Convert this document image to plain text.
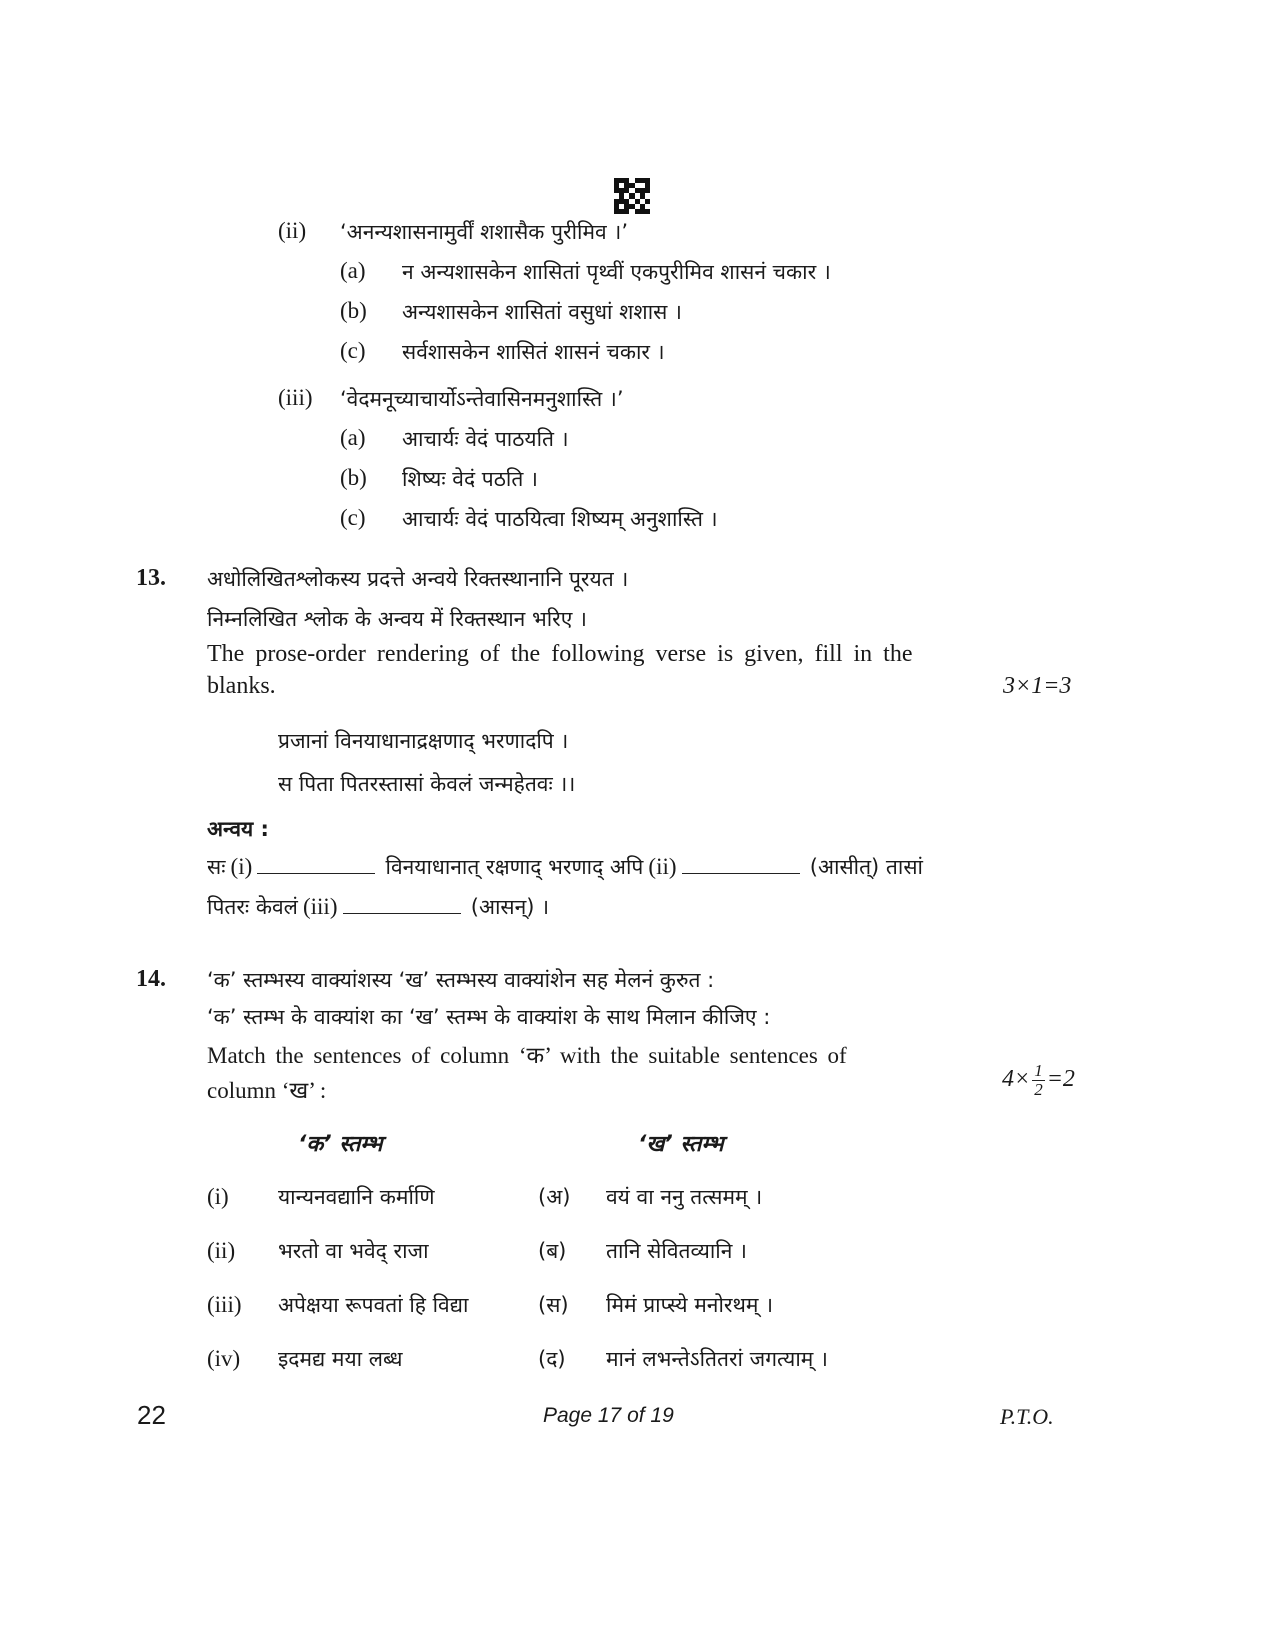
(ii) ‘अनन्यशासनामुर्वीं शशासैक पुरीमिव ।’
(a) न अन्यशासकेन शासितां पृथ्वीं एकपुरीमिव शासनं चकार ।
(b) अन्यशासकेन शासितां वसुधां शशास ।
(c) सर्वशासकेन शासितं शासनं चकार ।
(iii) ‘वेदमनूच्याचार्योऽन्तेवासिनमनुशास्ति ।’
(a) आचार्यः वेदं पाठयति ।
(b) शिष्यः वेदं पठति ।
(c) आचार्यः वेदं पाठयित्वा शिष्यम् अनुशास्ति ।
13. अधोलिखितश्लोकस्य प्रदत्ते अन्वये रिक्तस्थानानि पूरयत ।
निम्नलिखित श्लोक के अन्वय में रिक्तस्थान भरिए ।
The prose-order rendering of the following verse is given, fill in the
blanks.	3×1=3
प्रजानां विनयाधानाद्रक्षणाद् भरणादपि ।
स पिता पितरस्तासां केवलं जन्महेतवः ।।
अन्वय :
सः (i)	विनयाधानात् रक्षणाद् भरणाद् अपि (ii)	(आसीत्) तासां
पितरः केवलं (iii)	(आसन्) ।
14. ‘क’ स्तम्भस्य वाक्यांशस्य ‘ख’ स्तम्भस्य वाक्यांशेन सह मेलनं कुरुत :
‘क’ स्तम्भ के वाक्यांश का ‘ख’ स्तम्भ के वाक्यांश के साथ मिलान कीजिए :
Match the sentences of column ‘क’ with the suitable sentences of
column ‘ख’ :	$4\times \frac{1}{2} =2$
‘क’ स्तम्भ	‘ख’ स्तम्भ
(i) यान्यनवद्यानि कर्माणि	(अ) वयं वा ननु तत्समम् ।
(ii) भरतो वा भवेद् राजा	(ब) तानि सेवितव्यानि ।
(iii) अपेक्षया रूपवतां हि विद्या	(स) मिमं प्राप्स्ये मनोरथम् ।
(iv) इदमद्य मया लब्ध	(द) मानं लभन्तेऽतितरां जगत्याम् ।
22	Page 17 of 19	P.T.O.
